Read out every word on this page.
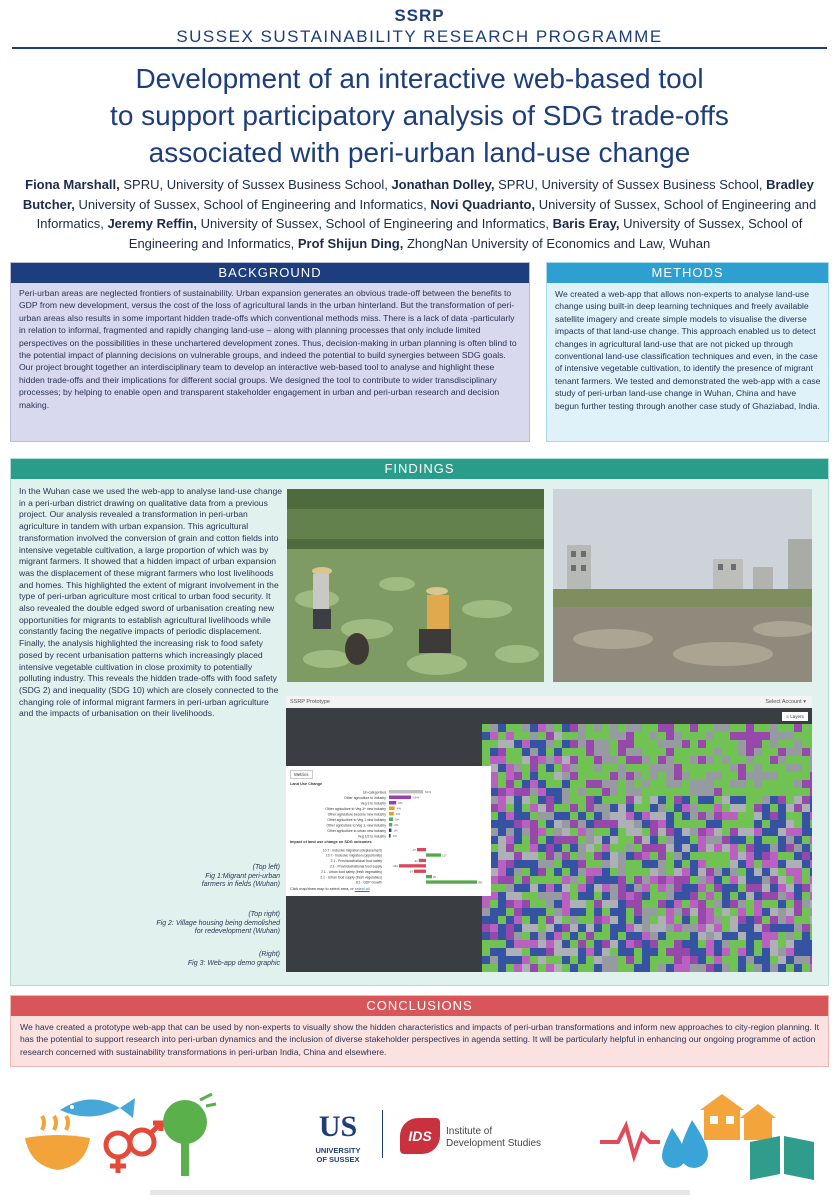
SSRP
SUSSEX SUSTAINABILITY RESEARCH PROGRAMME
Development of an interactive web-based tool
to support participatory analysis of SDG trade-offs
associated with peri-urban land-use change
Fiona Marshall, SPRU, University of Sussex Business School, Jonathan Dolley, SPRU, University of Sussex Business School, Bradley Butcher, University of Sussex, School of Engineering and Informatics, Novi Quadrianto, University of Sussex, School of Engineering and Informatics, Jeremy Reffin, University of Sussex, School of Engineering and Informatics, Baris Eray, University of Sussex, School of Engineering and Informatics, Prof Shijun Ding, ZhongNan University of Economics and Law, Wuhan
BACKGROUND
Peri-urban areas are neglected frontiers of sustainability. Urban expansion generates an obvious trade-off between the benefits to GDP from new development, versus the cost of the loss of agricultural lands in the urban hinterland. But the transformation of peri-urban areas also results in some important hidden trade-offs which conventional methods miss. There is a lack of data -particularly in relation to informal, fragmented and rapidly changing land-use – along with planning processes that only include limited perspectives on the possibilities in these unchartered development zones. Thus, decision-making in urban planning is often blind to the potential impact of planning decisions on vulnerable groups, and indeed the potential to build synergies between SDG goals. Our project brought together an interdisciplinary team to develop an interactive web-based tool to analyse and highlight these hidden trade-offs and their implications for different social groups. We designed the tool to contribute to wider transdisciplinary processes; by helping to enable open and transparent stakeholder engagement in urban and peri-urban research and decision making.
METHODS
We created a web-app that allows non-experts to analyse land-use change using built-in deep learning techniques and freely available satellite imagery and create simple models to visualise the diverse impacts of that land-use change. This approach enabled us to detect changes in agricultural land-use that are not picked up through conventional land-use classification techniques and even, in the case of intensive vegetable cultivation, to identify the presence of migrant tenant farmers. We tested and demonstrated the web-app with a case study of peri-urban land-use change in Wuhan, China and have begun further testing through another case study of Ghaziabad, India.
FINDINGS
In the Wuhan case we used the web-app to analyse land-use change in a peri-urban district drawing on qualitative data from a previous project. Our analysis revealed a transformation in peri-urban agriculture in tandem with urban expansion. This agricultural transformation involved the conversion of grain and cotton fields into intensive vegetable cultivation, a large proportion of which was by migrant farmers. It showed that a hidden impact of urban expansion was the displacement of these migrant farmers who lost livelihoods and homes. This highlighted the extent of migrant involvement in the type of peri-urban agriculture most critical to urban food security. It also revealed the double edged sword of urbanisation creating new opportunities for migrants to establish agricultural livelihoods while constantly facing the negative impacts of periodic displacement. Finally, the analysis highlighted the increasing risk to food safety posed by recent urbanisation patterns which increasingly placed intensive vegetable cultivation in close proximity to potentially polluting industry. This reveals the hidden trade-offs with food safety (SDG 2) and inequality (SDG 10) which are closely connected to the changing role of informal migrant farmers in peri-urban agriculture and the impacts of urbanisation on their livelihoods.
(Top left)
Fig 1:Migrant peri-urban
farmers in fields (Wuhan)
(Top right)
Fig 2: Village housing being demolished
for redevelopment (Wuhan)
(Right)
Fig 3: Web-app demo graphic
SSRP Prototype	Select Account ▾
≡ Layers
Metrics
Land Use Change
Un-categorised	61%
Other agriculture to industry	19%
Veg 3 to industry	5%
Other agriculture to Veg 3+ new industry	4%
Other agriculture become new industry	3%
Other agriculture to Veg 1 new industry	2%
Other agriculture to Veg 1, new industry	2%
Other agriculture to urban new industry 1%
Veg 1/2 to industry 1%
Impact of land use change on SDG outcomes
10.7 - Inclusive migration (displacement)	-37
10.7 - Inclusive migration (opportunity)	117
2.1 - Provincial/national food safety	-32
2.1 - Provincial/national food supply	-281
2.1 - Urban food safety (fresh vegetables)	-67
2.1 - Urban food supply (fresh vegetables)	35
8.1 - GDP Growth	391
Click map/draw map to select area, or select all
CONCLUSIONS
We have created a prototype web-app that can be used by non-experts to visually show the hidden characteristics and impacts of peri-urban transformations and inform new approaches to city-region planning. It has the potential to support research into peri-urban dynamics and the inclusion of diverse stakeholder perspectives in agenda setting. It will be particularly helpful in enhancing our ongoing programme of action research concerned with sustainability transformations in peri-urban India, China and elsewhere.
US
UNIVERSITY
OF SUSSEX
IDS	Institute of
Development Studies
